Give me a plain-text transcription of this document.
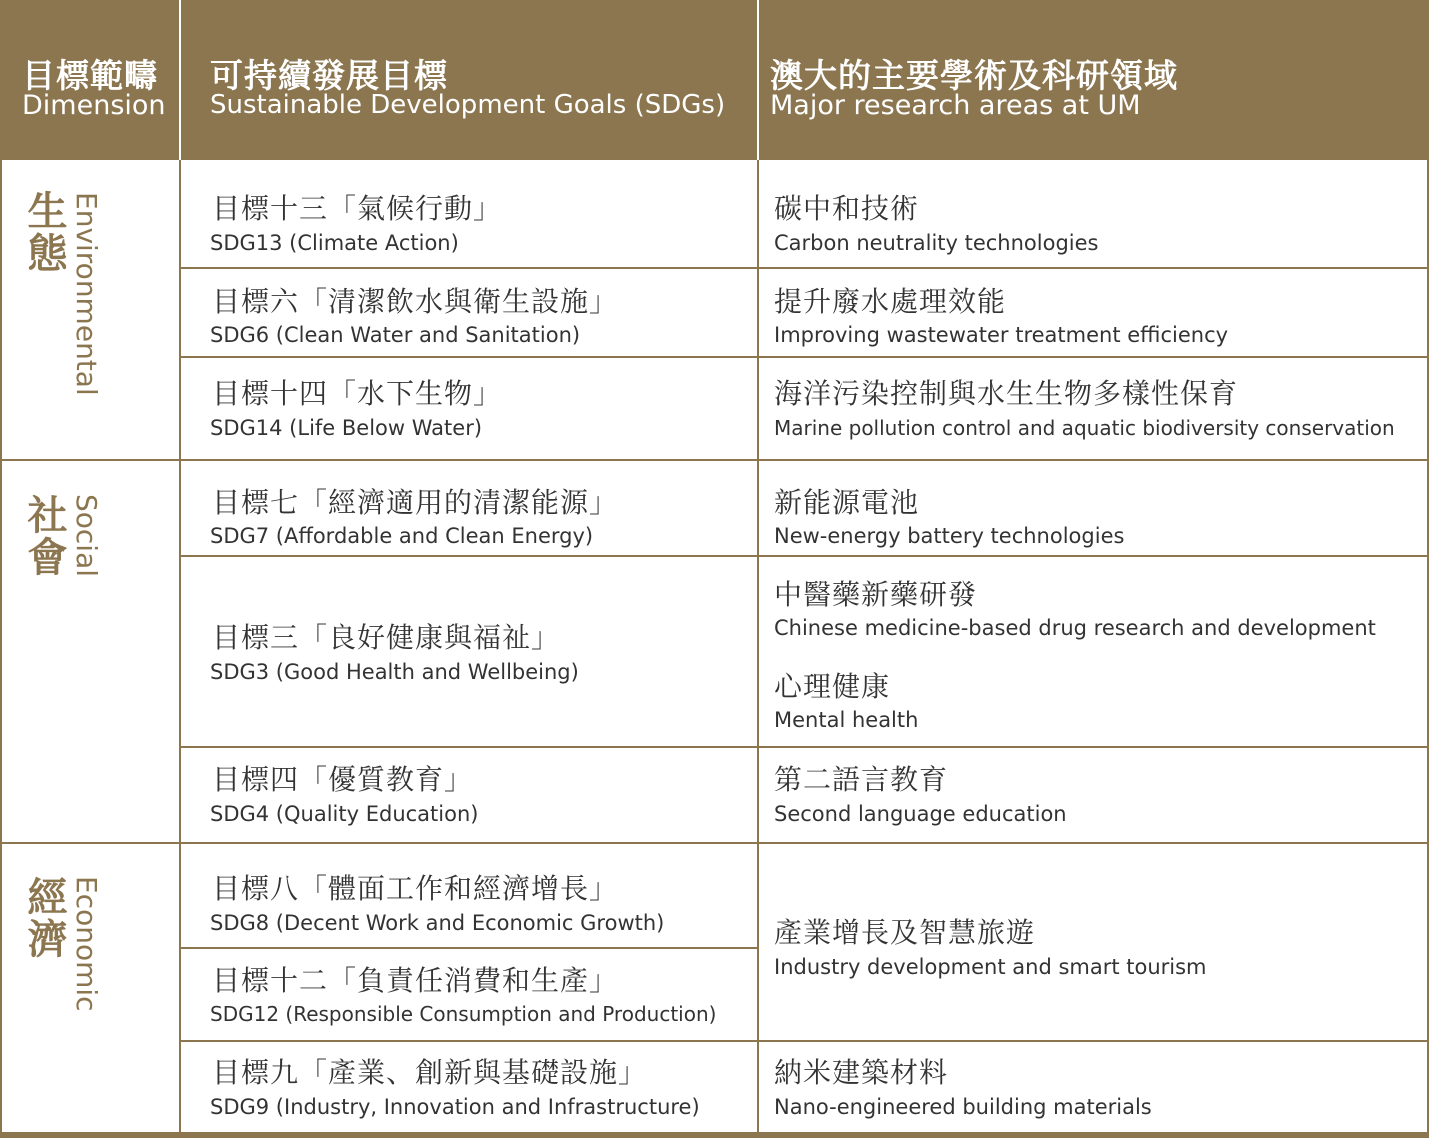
目標範疇
Dimension
可持續發展目標
Sustainable Development Goals (SDGs)
澳大的主要學術及科研領域
Major research areas at UM
生態 Environmental
社會 Social
經濟 Economic
目標十三「氣候行動」
SDG13 (Climate Action)
目標六「清潔飲水與衛生設施」
SDG6 (Clean Water and Sanitation)
目標十四「水下生物」
SDG14 (Life Below Water)
目標七「經濟適用的清潔能源」
SDG7 (Affordable and Clean Energy)
目標三「良好健康與福祉」
SDG3 (Good Health and Wellbeing)
目標四「優質教育」
SDG4 (Quality Education)
目標八「體面工作和經濟增長」
SDG8 (Decent Work and Economic Growth)
目標十二「負責任消費和生產」
SDG12 (Responsible Consumption and Production)
目標九「產業、創新與基礎設施」
SDG9 (Industry, Innovation and Infrastructure)
碳中和技術
Carbon neutrality technologies
提升廢水處理效能
Improving wastewater treatment efficiency
海洋污染控制與水生生物多樣性保育
Marine pollution control and aquatic biodiversity conservation
新能源電池
New-energy battery technologies
中醫藥新藥研發
Chinese medicine-based drug research and development
心理健康
Mental health
第二語言教育
Second language education
產業增長及智慧旅遊
Industry development and smart tourism
納米建築材料
Nano-engineered building materials
